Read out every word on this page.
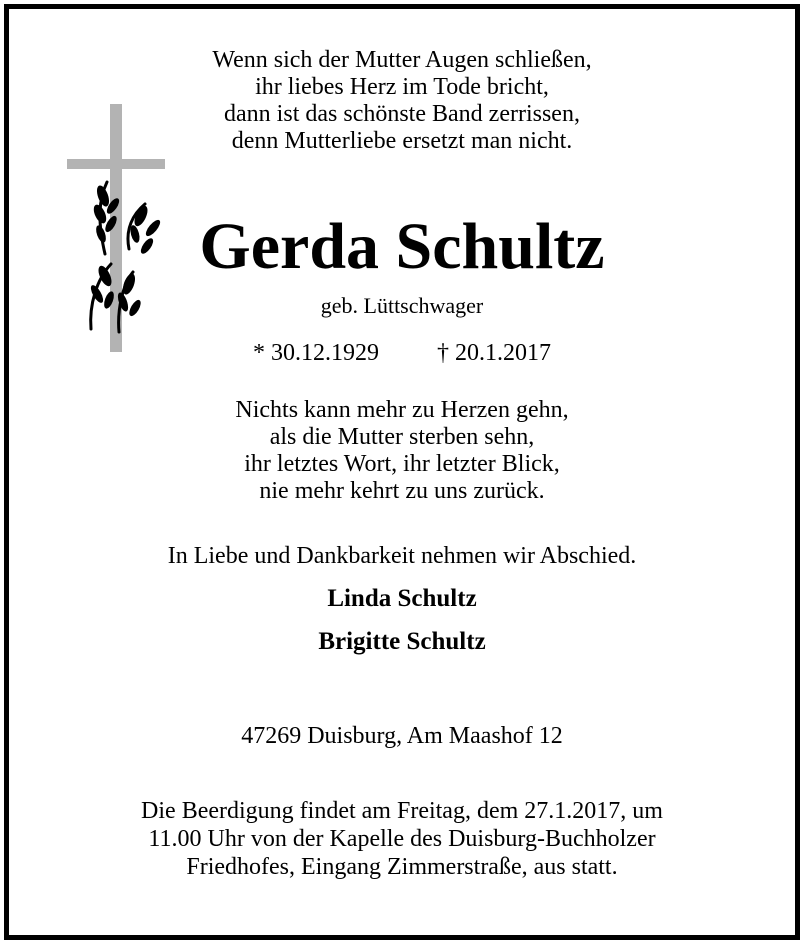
Wenn sich der Mutter Augen schließen,
ihr liebes Herz im Tode bricht,
dann ist das schönste Band zerrissen,
denn Mutterliebe ersetzt man nicht.
Gerda Schultz
geb. Lüttschwager
* 30.12.1929 † 20.1.2017
Nichts kann mehr zu Herzen gehn,
als die Mutter sterben sehn,
ihr letztes Wort, ihr letzter Blick,
nie mehr kehrt zu uns zurück.
In Liebe und Dankbarkeit nehmen wir Abschied.
Linda Schultz
Brigitte Schultz
47269 Duisburg, Am Maashof 12
Die Beerdigung findet am Freitag, dem 27.1.2017, um
11.00 Uhr von der Kapelle des Duisburg-Buchholzer
Friedhofes, Eingang Zimmerstraße, aus statt.
